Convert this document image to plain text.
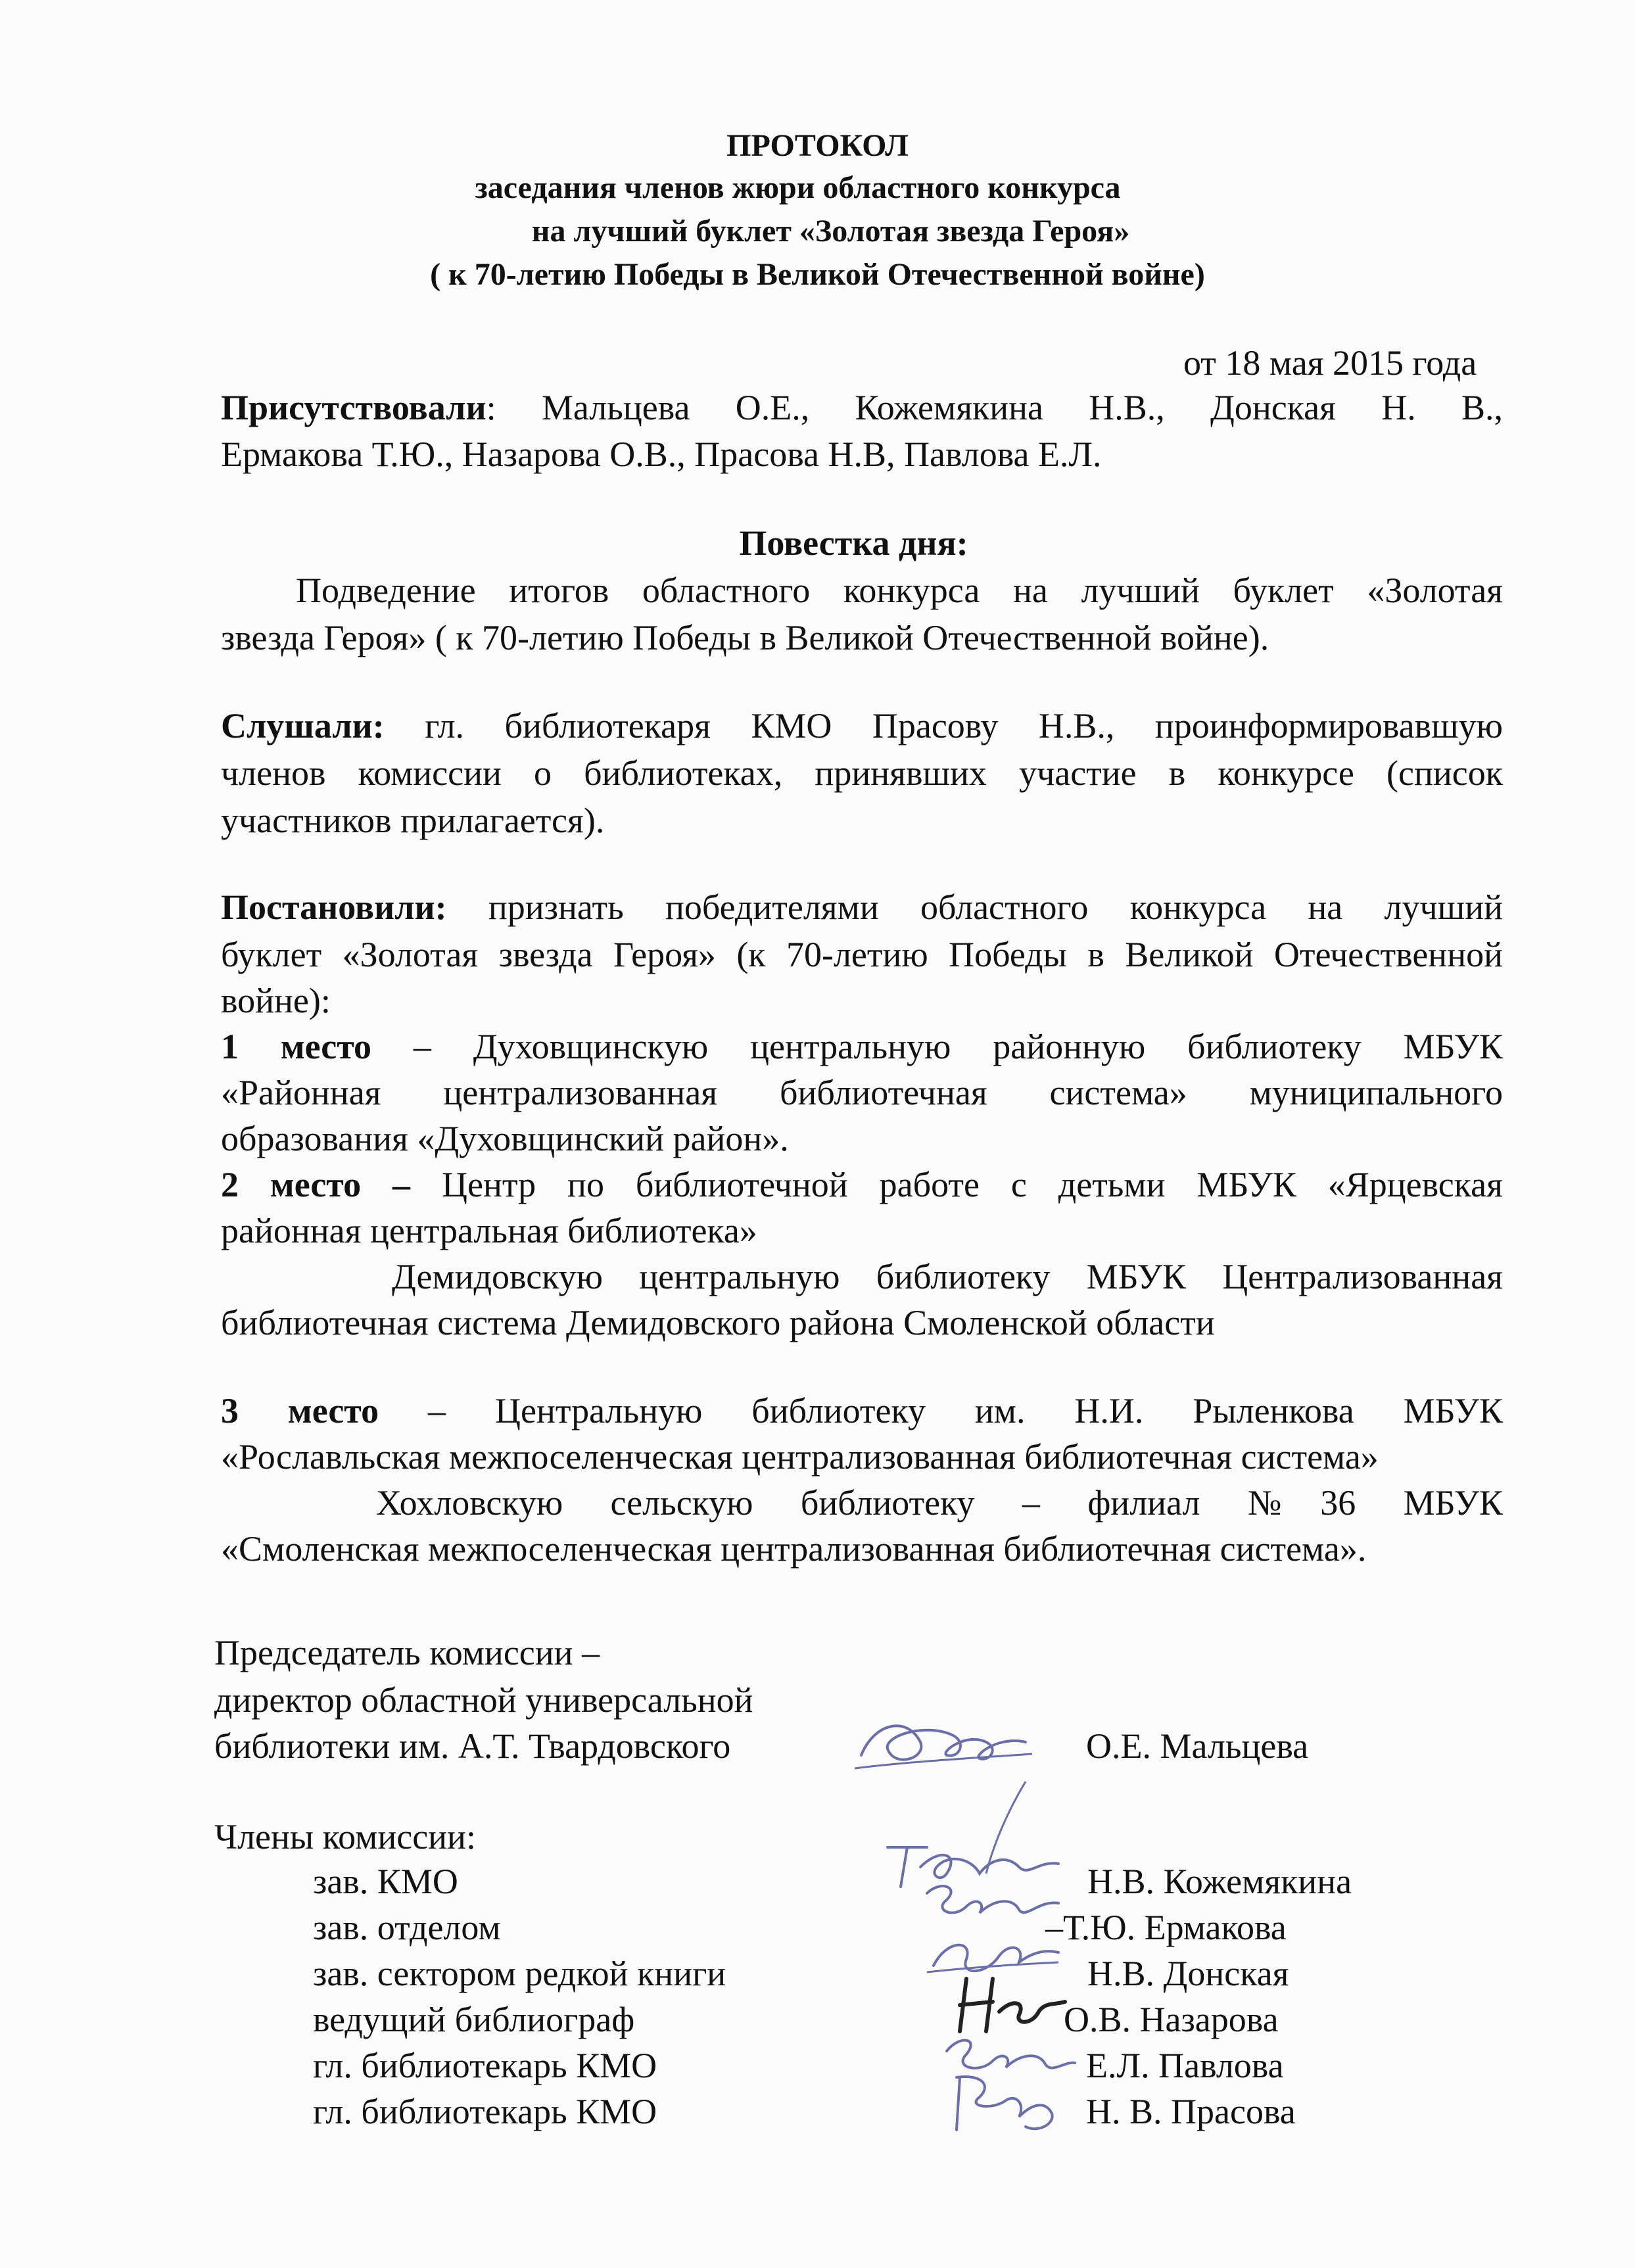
ПРОТОКОЛ
заседания членов жюри областного конкурса
на лучший буклет «Золотая звезда Героя»
( к 70-летию Победы в Великой Отечественной войне)
от 18 мая 2015 года
Присутствовали: Мальцева О.Е., Кожемякина Н.В., Донская Н. В.,
Ермакова Т.Ю., Назарова О.В., Прасова Н.В, Павлова Е.Л.
Повестка дня:
Подведение итогов областного конкурса на лучший буклет «Золотая
звезда Героя» ( к 70-летию Победы в Великой Отечественной войне).
Слушали: гл. библиотекаря КМО Прасову Н.В., проинформировавшую
членов комиссии о библиотеках, принявших участие в конкурсе (список
участников прилагается).
Постановили: признать победителями областного конкурса на лучший
буклет «Золотая звезда Героя» (к 70-летию Победы в Великой Отечественной
войне):
1 место – Духовщинскую центральную районную библиотеку МБУК
«Районная централизованная библиотечная система» муниципального
образования «Духовщинский район».
2 место – Центр по библиотечной работе с детьми МБУК «Ярцевская
районная центральная библиотека»
Демидовскую центральную библиотеку МБУК Централизованная
библиотечная система Демидовского района Смоленской области
3 место – Центральную библиотеку им. Н.И. Рыленкова МБУК
«Рославльская межпоселенческая централизованная библиотечная система»
Хохловскую сельскую библиотеку – филиал №36 МБУК
«Смоленская межпоселенческая централизованная библиотечная система».
Председатель комиссии –
директор областной универсальной
библиотеки им. А.Т. Твардовского	О.Е. Мальцева
Члены комиссии:
зав. КМО	Н.В. Кожемякина
зав. отделом	–Т.Ю. Ермакова
зав. сектором редкой книги	Н.В. Донская
ведущий библиограф	О.В. Назарова
гл. библиотекарь КМО	Е.Л. Павлова
гл. библиотекарь КМО	Н. В. Прасова
